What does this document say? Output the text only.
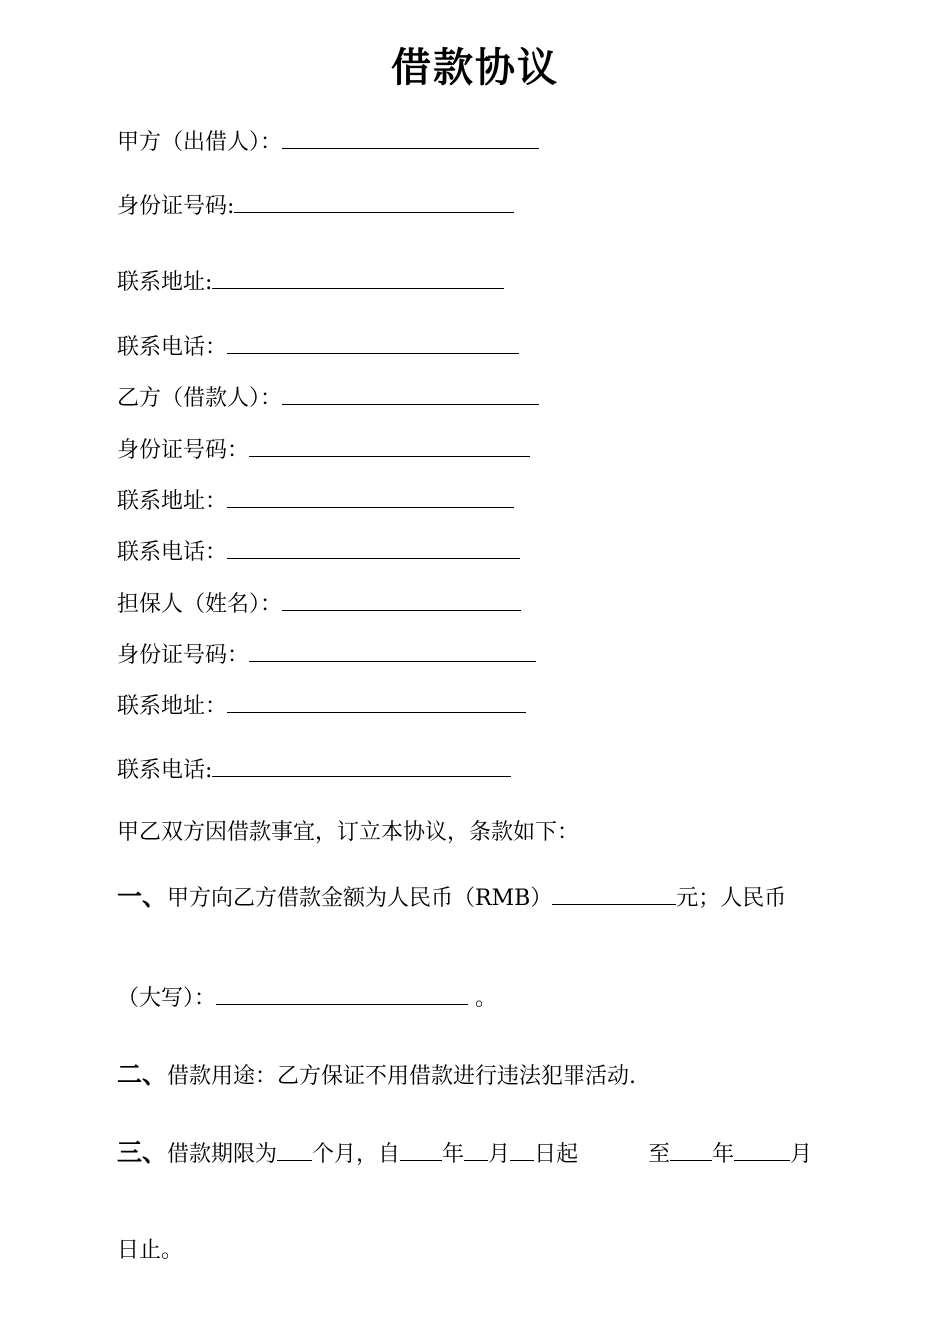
借款协议
甲方（出借人）：
身份证号码:
联系地址:
联系电话：
乙方（借款人）：
身份证号码：
联系地址：
联系电话：
担保人（姓名）：
身份证号码：
联系地址：
联系电话:
甲乙双方因借款事宜，订立本协议，条款如下：
一、甲方向乙方借款金额为人民币（RMB）	元；人民币
（大写）：	。
二、借款用途：乙方保证不用借款进行违法犯罪活动.
三、借款期限为 个月，自 年 月 日起	至 年	月
日止。
